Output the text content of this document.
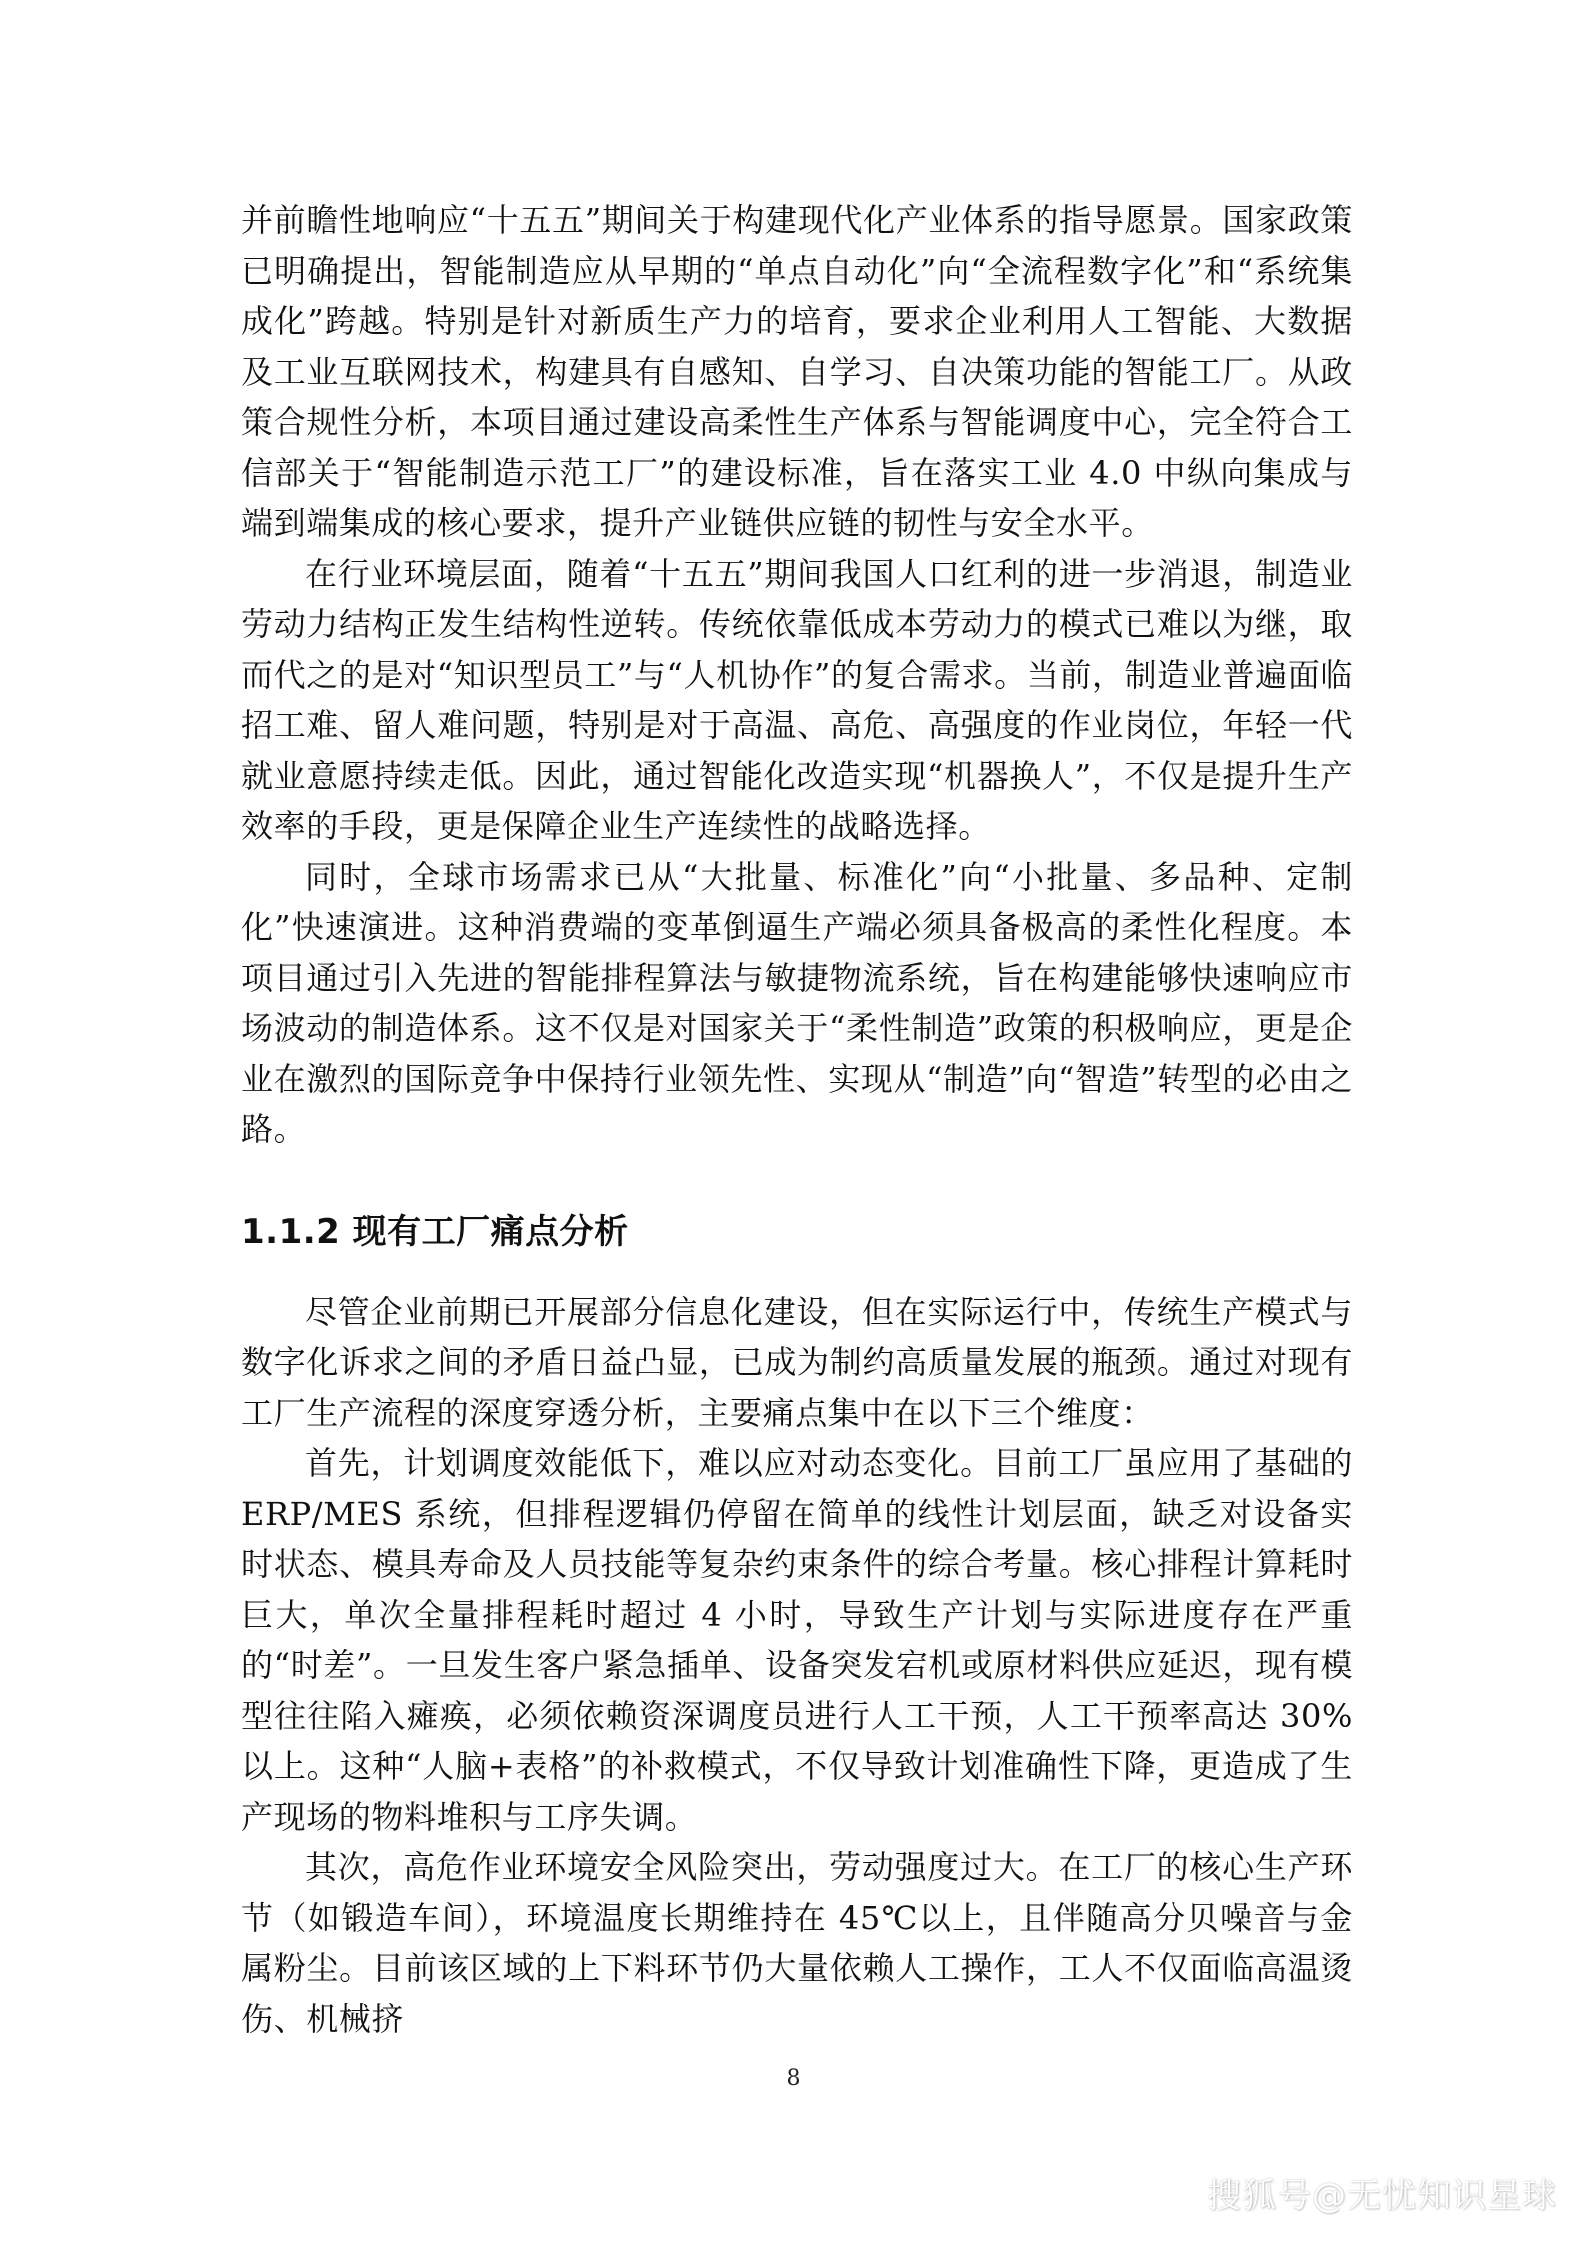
并前瞻性地响应“十五五”期间关于构建现代化产业体系的指导愿景。国家政策已明确提出，智能制造应从早期的“单点自动化”向“全流程数字化”和“系统集成化”跨越。特别是针对新质生产力的培育，要求企业利用人工智能、大数据及工业互联网技术，构建具有自感知、自学习、自决策功能的智能工厂。从政策合规性分析，本项目通过建设高柔性生产体系与智能调度中心，完全符合工信部关于“智能制造示范工厂”的建设标准，旨在落实工业 4.0 中纵向集成与端到端集成的核心要求，提升产业链供应链的韧性与安全水平。

在行业环境层面，随着“十五五”期间我国人口红利的进一步消退，制造业劳动力结构正发生结构性逆转。传统依靠低成本劳动力的模式已难以为继，取而代之的是对“知识型员工”与“人机协作”的复合需求。当前，制造业普遍面临招工难、留人难问题，特别是对于高温、高危、高强度的作业岗位，年轻一代就业意愿持续走低。因此，通过智能化改造实现“机器换人”，不仅是提升生产效率的手段，更是保障企业生产连续性的战略选择。

同时，全球市场需求已从“大批量、标准化”向“小批量、多品种、定制化”快速演进。这种消费端的变革倒逼生产端必须具备极高的柔性化程度。本项目通过引入先进的智能排程算法与敏捷物流系统，旨在构建能够快速响应市场波动的制造体系。这不仅是对国家关于“柔性制造”政策的积极响应，更是企业在激烈的国际竞争中保持行业领先性、实现从“制造”向“智造”转型的必由之路。

1.1.2 现有工厂痛点分析

尽管企业前期已开展部分信息化建设，但在实际运行中，传统生产模式与数字化诉求之间的矛盾日益凸显，已成为制约高质量发展的瓶颈。通过对现有工厂生产流程的深度穿透分析，主要痛点集中在以下三个维度：

首先，计划调度效能低下，难以应对动态变化。目前工厂虽应用了基础的 ERP/MES 系统，但排程逻辑仍停留在简单的线性计划层面，缺乏对设备实时状态、模具寿命及人员技能等复杂约束条件的综合考量。核心排程计算耗时巨大，单次全量排程耗时超过 4 小时，导致生产计划与实际进度存在严重的“时差”。一旦发生客户紧急插单、设备突发宕机或原材料供应延迟，现有模型往往陷入瘫痪，必须依赖资深调度员进行人工干预，人工干预率高达 30%以上。这种“人脑+表格”的补救模式，不仅导致计划准确性下降，更造成了生产现场的物料堆积与工序失调。

其次，高危作业环境安全风险突出，劳动强度过大。在工厂的核心生产环节（如锻造车间），环境温度长期维持在 45℃以上，且伴随高分贝噪音与金属粉尘。目前该区域的上下料环节仍大量依赖人工操作，工人不仅面临高温烫伤、机械挤

8
搜狐号@无忧知识星球
